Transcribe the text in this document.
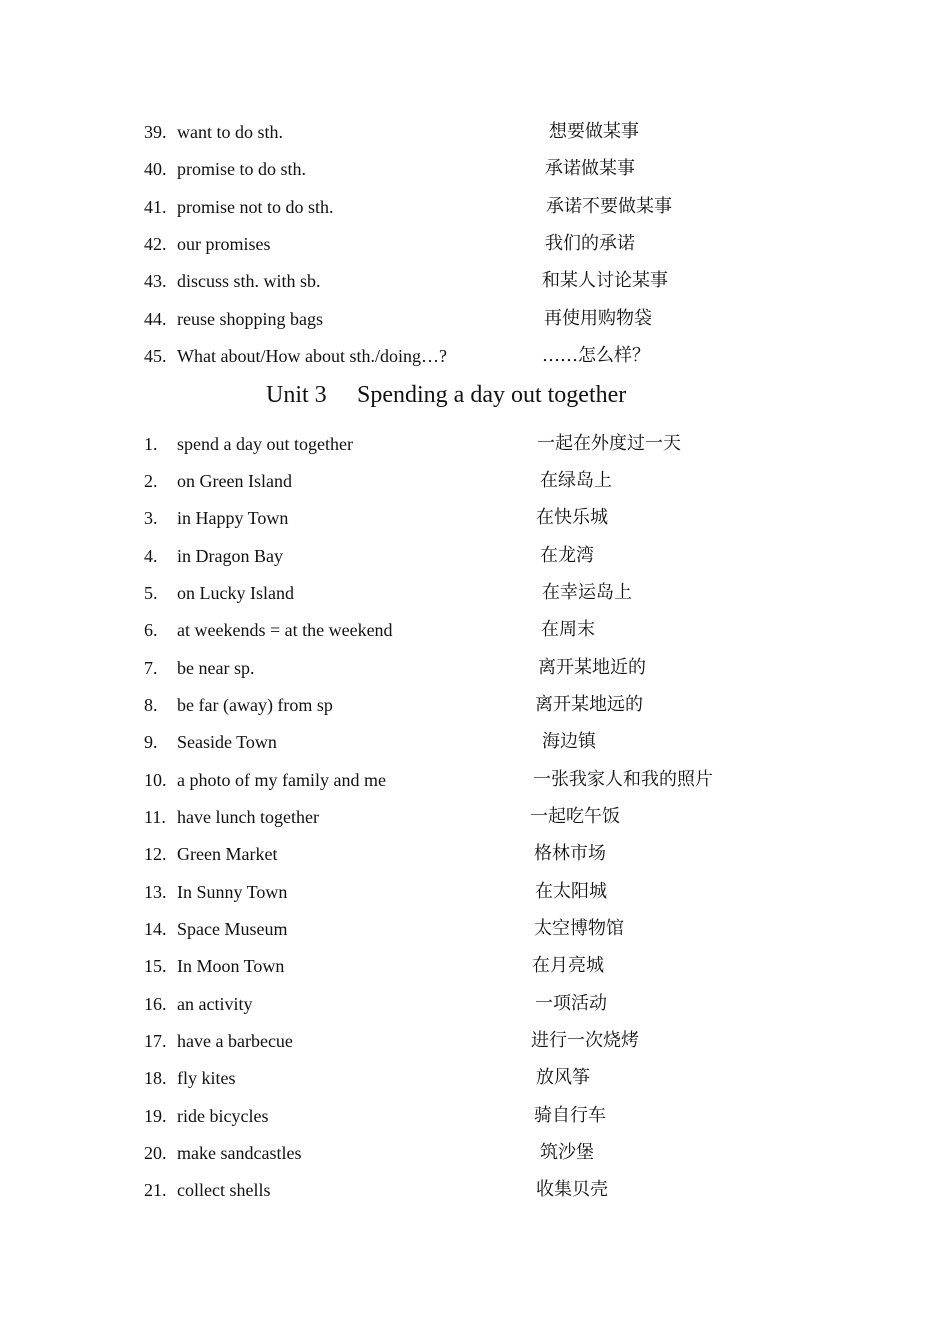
39. want to do sth.	想要做某事
40. promise to do sth.	承诺做某事
41. promise not to do sth.	承诺不要做某事
42. our promises	我们的承诺
43. discuss sth. with sb.	和某人讨论某事
44. reuse shopping bags	再使用购物袋
45. What about/How about sth./doing…?	……怎么样？
Unit 3 Spending a day out together
1. spend a day out together	一起在外度过一天
2. on Green Island	在绿岛上
3. in Happy Town	在快乐城
4. in Dragon Bay	在龙湾
5. on Lucky Island	在幸运岛上
6. at weekends = at the weekend	在周末
7. be near sp.	离开某地近的
8. be far (away) from sp	离开某地远的
9. Seaside Town	海边镇
10. a photo of my family and me	一张我家人和我的照片
11. have lunch together	一起吃午饭
12. Green Market	格林市场
13. In Sunny Town	在太阳城
14. Space Museum	太空博物馆
15. In Moon Town	在月亮城
16. an activity	一项活动
17. have a barbecue	进行一次烧烤
18. fly kites	放风筝
19. ride bicycles	骑自行车
20. make sandcastles	筑沙堡
21. collect shells	收集贝壳
